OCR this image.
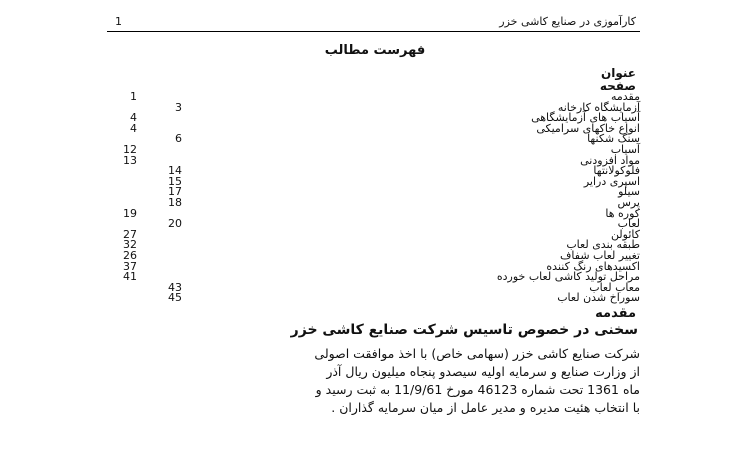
کارآموزی در صنایع کاشی خزر
1
فهرست مطالب
عنوان
صفحه
1	مقدمه
3	آزمایشگاه کارخانه
4	آسیاب های آزمایشگاهی
4	انواع خاکهای سرامیکی
6	سنگ شکنها
12	آسیاب
13	مواد افزودنی
14	فلوکولانتها
15	اسپری درایر
17	سیلو
18	پرس
19	کوره ها
20	لعاب
27	کائولن
32	طبقه بندی لعاب
26	تغییر لعاب شفاف
37	اکسیدهای رنگ کننده
41	مراحل تولید کاشی لعاب خورده
43	معاب لعاب
45	سوراخ شدن لعاب
مقدمه
سخنی در خصوص تاسیس شرکت صنایع کاشی خزر
شرکت صنایع کاشی خزر (سهامی خاص) با اخذ موافقت اصولی
از وزارت صنایع و سرمایه اولیه سیصدو پنجاه میلیون ریال آذر
ماه 1361 تحت شماره 46123 مورخ 11/9/61 به ثبت رسید و
با انتخاب هئیت مدیره و مدیر عامل از میان سرمایه گذاران .
